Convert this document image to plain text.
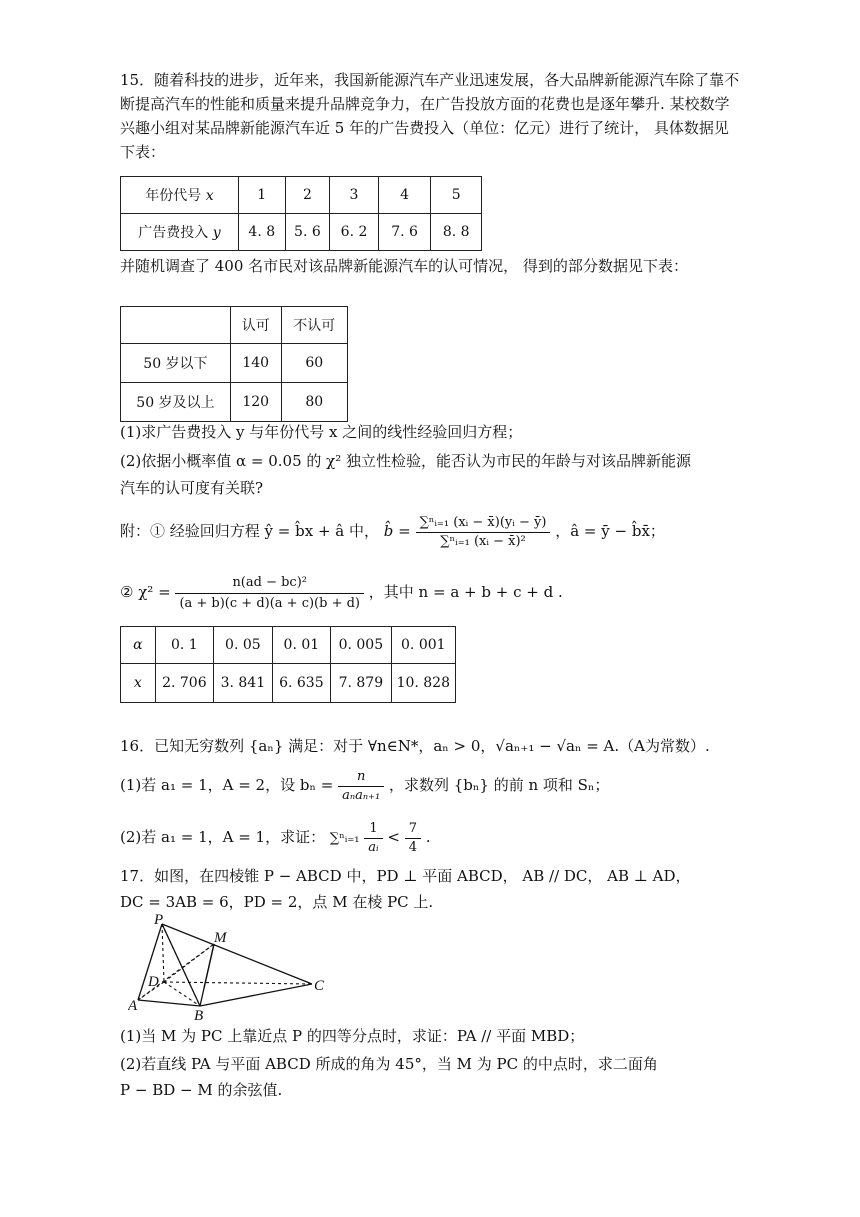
15．随着科技的进步，近年来，我国新能源汽车产业迅速发展，各大品牌新能源汽车除了靠不断提高汽车的性能和质量来提升品牌竞争力，在广告投放方面的花费也是逐年攀升. 某校数学兴趣小组对某品牌新能源汽车近 5 年的广告费投入（单位：亿元）进行了统计， 具体数据见下表：
年份代号 x	1	2	3	4	5
广告费投入 y	4. 8	5. 6	6. 2	7. 6	8. 8
并随机调查了 400 名市民对该品牌新能源汽车的认可情况， 得到的部分数据见下表：
	认可	不认可
50 岁以下	140	60
50 岁及以上	120	80
(1)求广告费投入 y 与年份代号 x 之间的线性经验回归方程；
(2)依据小概率值 α = 0.05 的 χ² 独立性检验，能否认为市民的年龄与对该品牌新能源
汽车的认可度有关联?
附：① 经验回归方程 ŷ = b̂x + â 中， b̂ = $\frac{\text{∑ⁿᵢ₌₁ (xᵢ − x̄)(yᵢ − ȳ)}}{\text{∑ⁿᵢ₌₁ (xᵢ − x̄)²}}$ ，â = ȳ − b̂x̄；
② $\chi^2 = \frac{\text{n(ad − bc)²}}{(a + b)(c + d)(a + c)(b + d)}$ ，其中 n = a + b + c + d .
α	0. 1	0. 05	0. 01	0. 005	0. 001
x	2. 706	3. 841	6. 635	7. 879	10. 828
16．已知无穷数列 {aₙ} 满足：对于 ∀n∈N*，aₙ > 0，√aₙ₊₁ − √aₙ = A.（A为常数）.
(1)若 a₁ = 1，A = 2，设 $b_n = \frac{n}{\text{aₙaₙ₊₁}}$ ，求数列 {bₙ} 的前 n 项和 Sₙ；
(2)若 a₁ = 1，A = 1，求证： ∑ⁿᵢ₌₁ $\frac{1}{\text{aᵢ}} < \frac{7}{4}$ .
17．如图，在四棱锥 P − ABCD 中，PD ⊥ 平面 ABCD， AB // DC， AB ⊥ AD，
DC = 3AB = 6，PD = 2，点 M 在棱 PC 上.
P
M
D	C
A
B
(1)当 M 为 PC 上靠近点 P 的四等分点时，求证：PA // 平面 MBD；
(2)若直线 PA 与平面 ABCD 所成的角为 45°，当 M 为 PC 的中点时，求二面角
P − BD − M 的余弦值.
